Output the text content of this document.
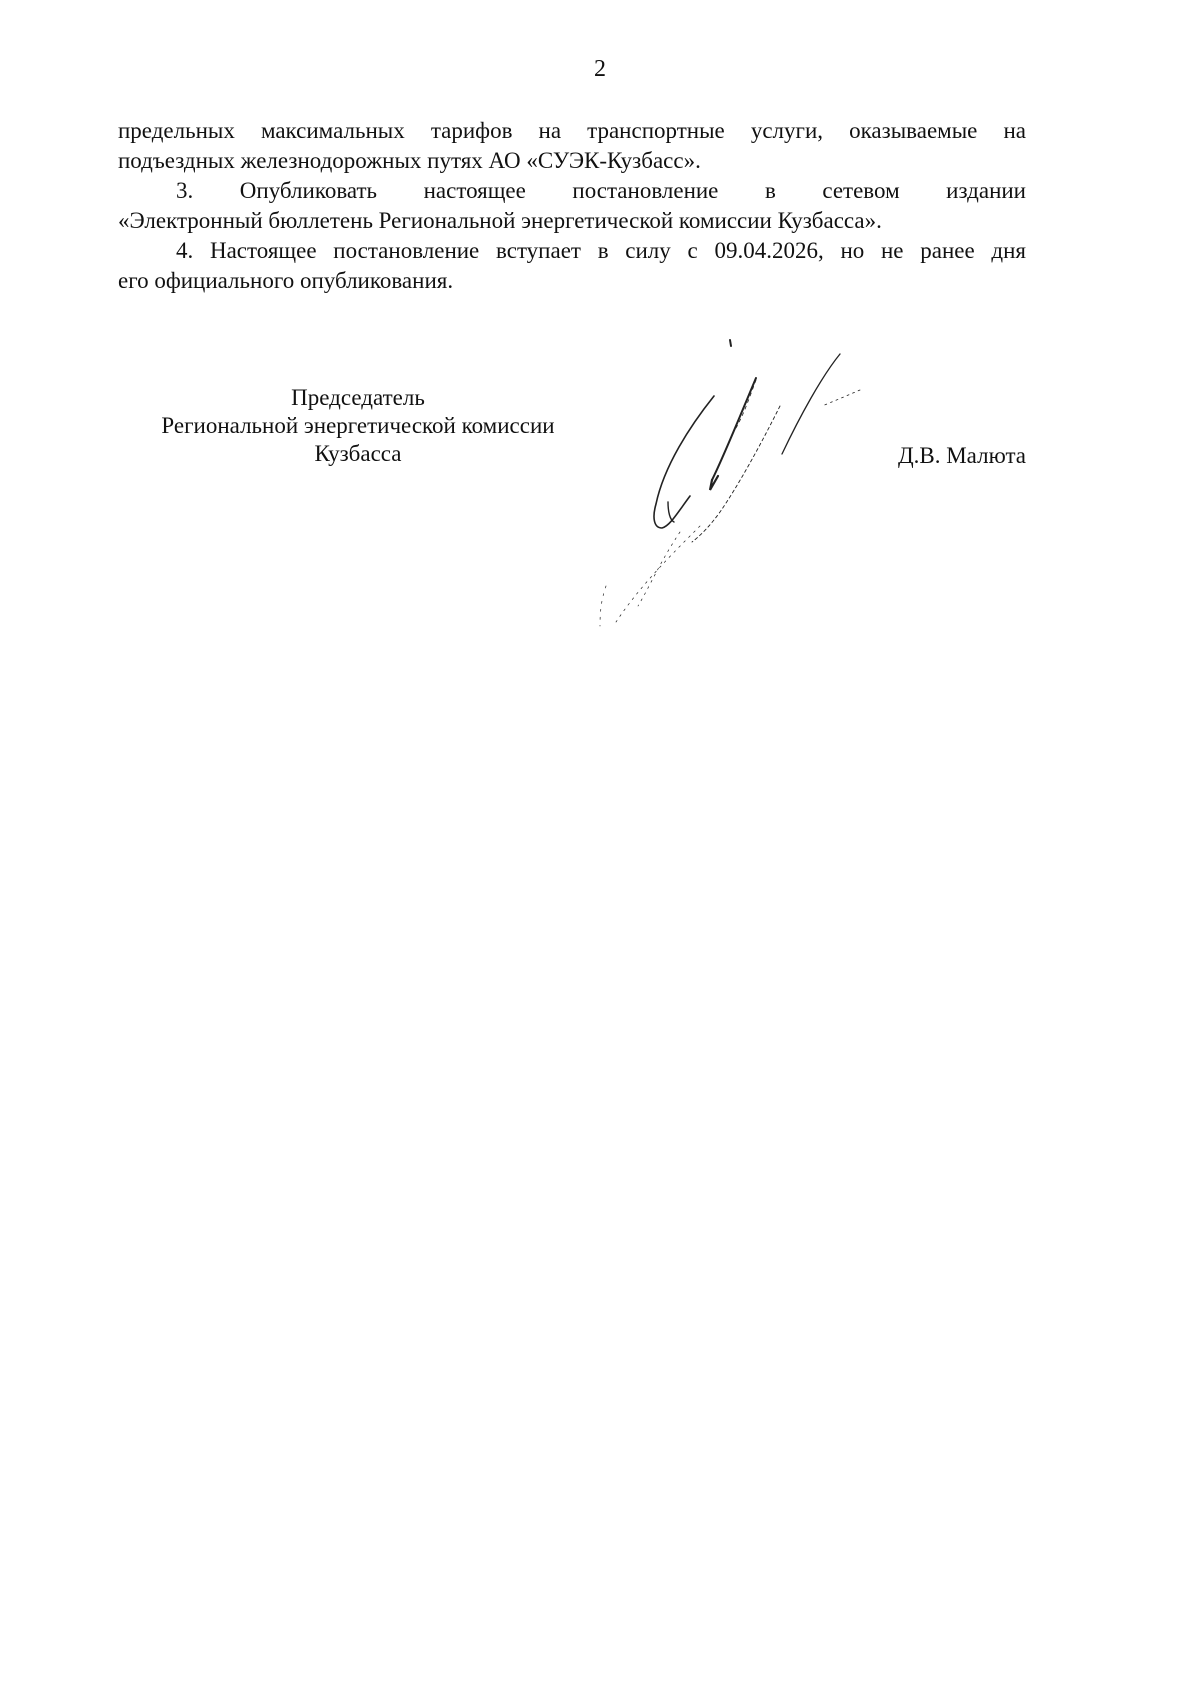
2

предельных максимальных тарифов на транспортные услуги, оказываемые на
подъездных железнодорожных путях АО «СУЭК-Кузбасс».

3. Опубликовать настоящее постановление в сетевом издании
«Электронный бюллетень Региональной энергетической комиссии Кузбасса».

4. Настоящее постановление вступает в силу с 09.04.2026, но не ранее дня
его официального опубликования.

Председатель
Региональной энергетической комиссии
Кузбасса	Д.В. Малюта
